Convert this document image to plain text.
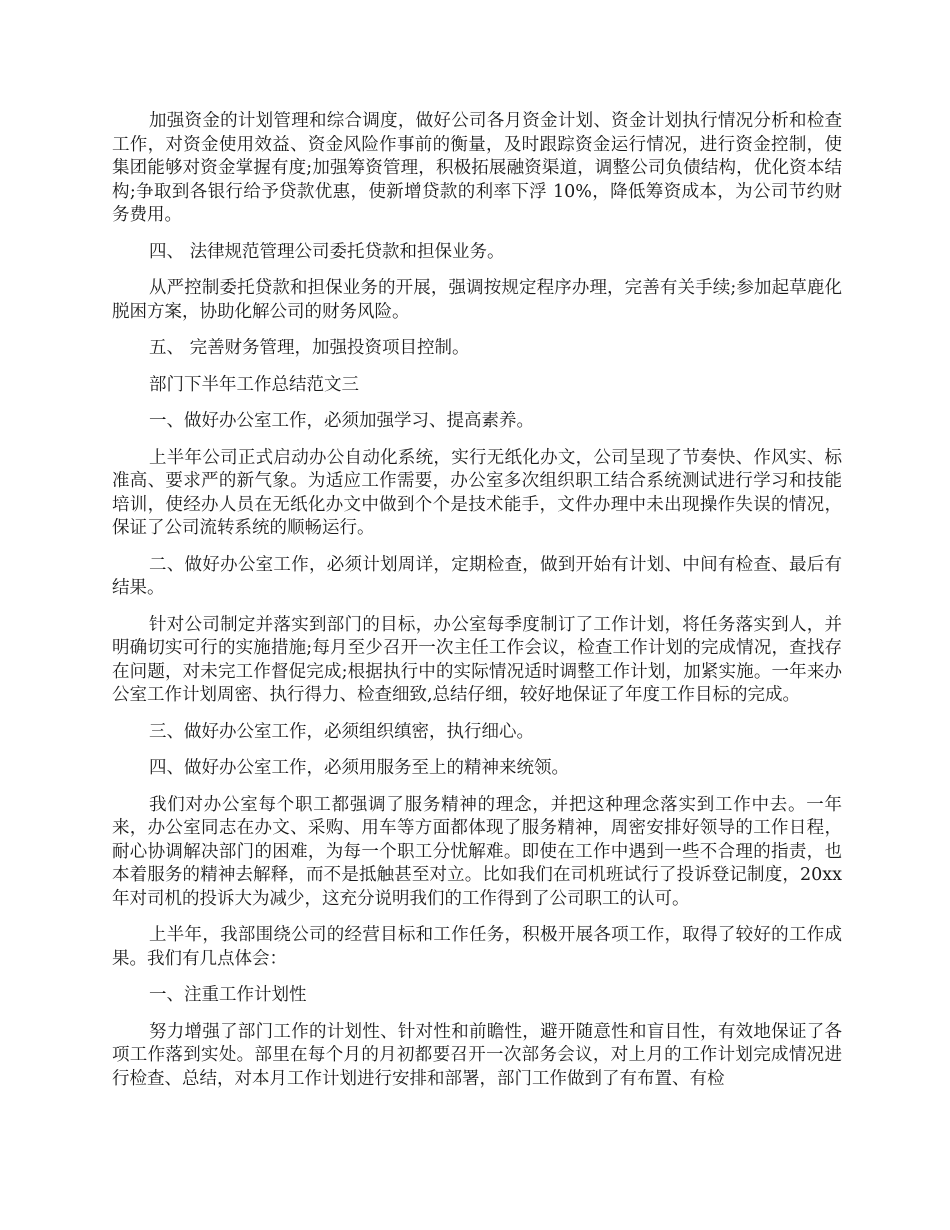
加强资金的计划管理和综合调度，做好公司各月资金计划、资金计划执行情况分析和检查工作，对资金使用效益、资金风险作事前的衡量，及时跟踪资金运行情况，进行资金控制，使集团能够对资金掌握有度;加强筹资管理，积极拓展融资渠道，调整公司负债结构，优化资本结构;争取到各银行给予贷款优惠，使新增贷款的利率下浮 10%，降低筹资成本，为公司节约财务费用。

四、 法律规范管理公司委托贷款和担保业务。

从严控制委托贷款和担保业务的开展，强调按规定程序办理，完善有关手续;参加起草鹿化脱困方案，协助化解公司的财务风险。

五、 完善财务管理，加强投资项目控制。

部门下半年工作总结范文三

一、做好办公室工作，必须加强学习、提高素养。

上半年公司正式启动办公自动化系统，实行无纸化办文，公司呈现了节奏快、作风实、标准高、要求严的新气象。为适应工作需要，办公室多次组织职工结合系统测试进行学习和技能培训，使经办人员在无纸化办文中做到个个是技术能手，文件办理中未出现操作失误的情况，保证了公司流转系统的顺畅运行。

二、做好办公室工作，必须计划周详，定期检查，做到开始有计划、中间有检查、最后有结果。

针对公司制定并落实到部门的目标，办公室每季度制订了工作计划，将任务落实到人，并明确切实可行的实施措施;每月至少召开一次主任工作会议，检查工作计划的完成情况，查找存在问题，对未完工作督促完成;根据执行中的实际情况适时调整工作计划，加紧实施。一年来办公室工作计划周密、执行得力、检查细致,总结仔细，较好地保证了年度工作目标的完成。

三、做好办公室工作，必须组织缜密，执行细心。

四、做好办公室工作，必须用服务至上的精神来统领。

我们对办公室每个职工都强调了服务精神的理念，并把这种理念落实到工作中去。一年来，办公室同志在办文、采购、用车等方面都体现了服务精神，周密安排好领导的工作日程，耐心协调解决部门的困难，为每一个职工分忧解难。即使在工作中遇到一些不合理的指责，也本着服务的精神去解释，而不是抵触甚至对立。比如我们在司机班试行了投诉登记制度，20xx 年对司机的投诉大为减少，这充分说明我们的工作得到了公司职工的认可。

上半年，我部围绕公司的经营目标和工作任务，积极开展各项工作，取得了较好的工作成果。我们有几点体会：

一、注重工作计划性

努力增强了部门工作的计划性、针对性和前瞻性，避开随意性和盲目性，有效地保证了各项工作落到实处。部里在每个月的月初都要召开一次部务会议，对上月的工作计划完成情况进行检查、总结，对本月工作计划进行安排和部署，部门工作做到了有布置、有检
